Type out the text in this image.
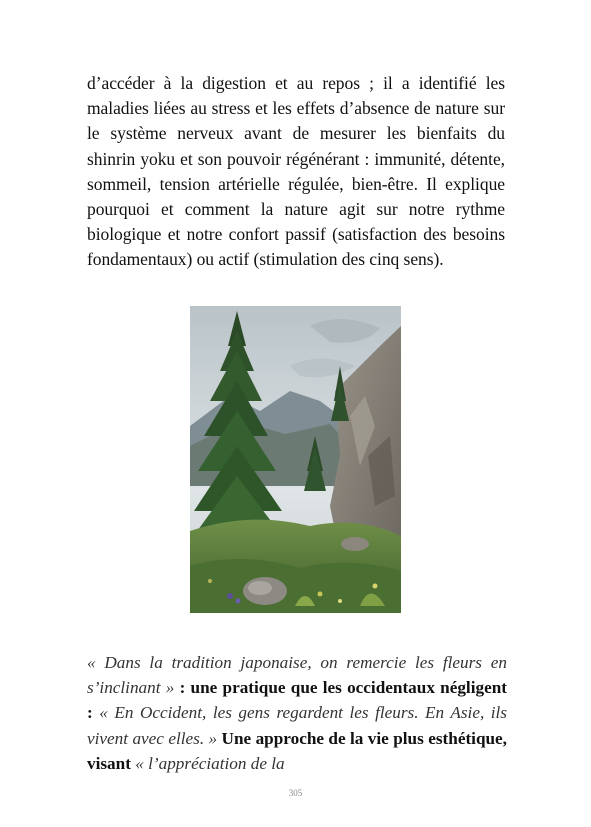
d’accéder à la digestion et au repos ; il a identifié les maladies liées au stress et les effets d’absence de nature sur le système nerveux avant de mesurer les bienfaits du shinrin yoku et son pouvoir régénérant : immunité, détente, sommeil, tension artérielle régulée, bien-être. Il explique pourquoi et comment la nature agit sur notre rythme biologique et notre confort passif (satisfaction des besoins fondamentaux) ou actif (stimulation des cinq sens).

« Dans la tradition japonaise, on remercie les fleurs en s’inclinant » : une pratique que les occidentaux négligent : « En Occident, les gens regardent les fleurs. En Asie, ils vivent avec elles. » Une approche de la vie plus esthétique, visant « l’appréciation de la

305
